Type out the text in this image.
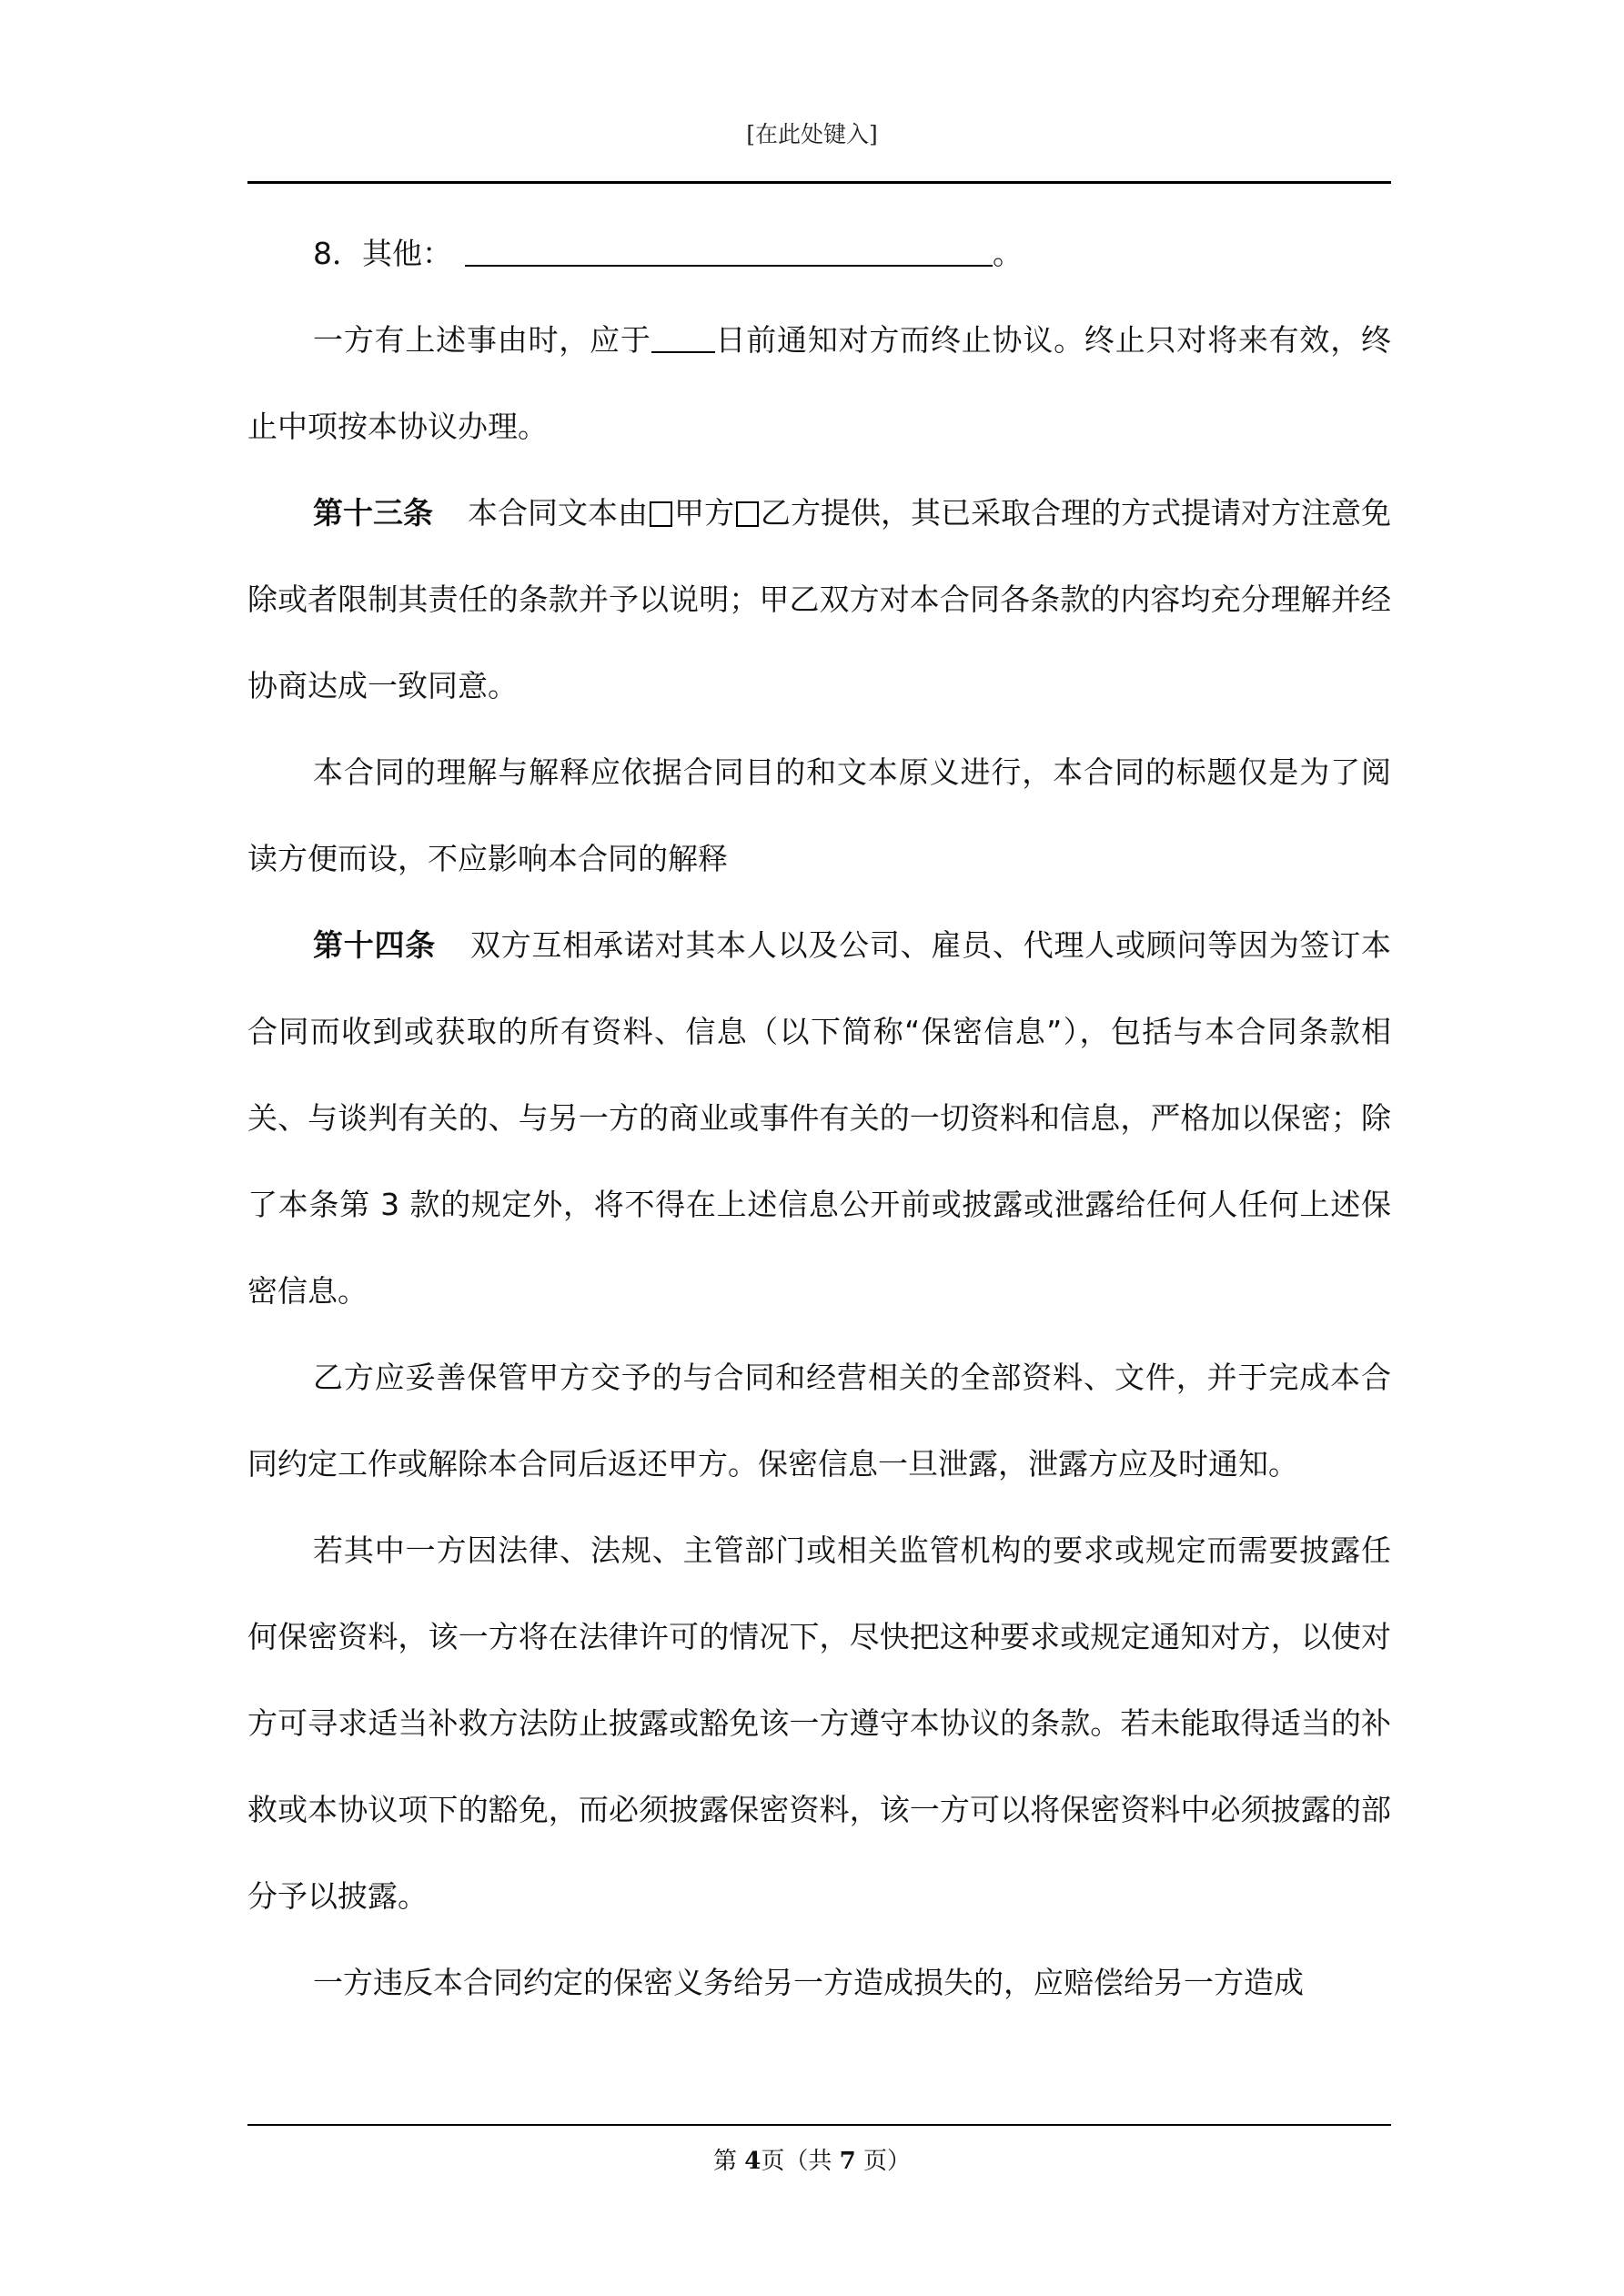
[在此处键入]

8．其他：	。

一方有上述事由时，应于 日前通知对方而终止协议。终止只对将来有效，终止中项按本协议办理。

第十三条 本合同文本由 甲方 乙方提供，其已采取合理的方式提请对方注意免除或者限制其责任的条款并予以说明；甲乙双方对本合同各条款的内容均充分理解并经协商达成一致同意。

本合同的理解与解释应依据合同目的和文本原义进行，本合同的标题仅是为了阅读方便而设，不应影响本合同的解释

第十四条 双方互相承诺对其本人以及公司、雇员、代理人或顾问等因为签订本合同而收到或获取的所有资料、信息（以下简称“保密信息”），包括与本合同条款相关、与谈判有关的、与另一方的商业或事件有关的一切资料和信息，严格加以保密；除了本条第 3 款的规定外，将不得在上述信息公开前或披露或泄露给任何人任何上述保密信息。

乙方应妥善保管甲方交予的与合同和经营相关的全部资料、文件，并于完成本合同约定工作或解除本合同后返还甲方。保密信息一旦泄露，泄露方应及时通知。

若其中一方因法律、法规、主管部门或相关监管机构的要求或规定而需要披露任何保密资料，该一方将在法律许可的情况下，尽快把这种要求或规定通知对方，以使对方可寻求适当补救方法防止披露或豁免该一方遵守本协议的条款。若未能取得适当的补救或本协议项下的豁免，而必须披露保密资料，该一方可以将保密资料中必须披露的部分予以披露。

一方违反本合同约定的保密义务给另一方造成损失的，应赔偿给另一方造成

第 4页（共 7 页）
